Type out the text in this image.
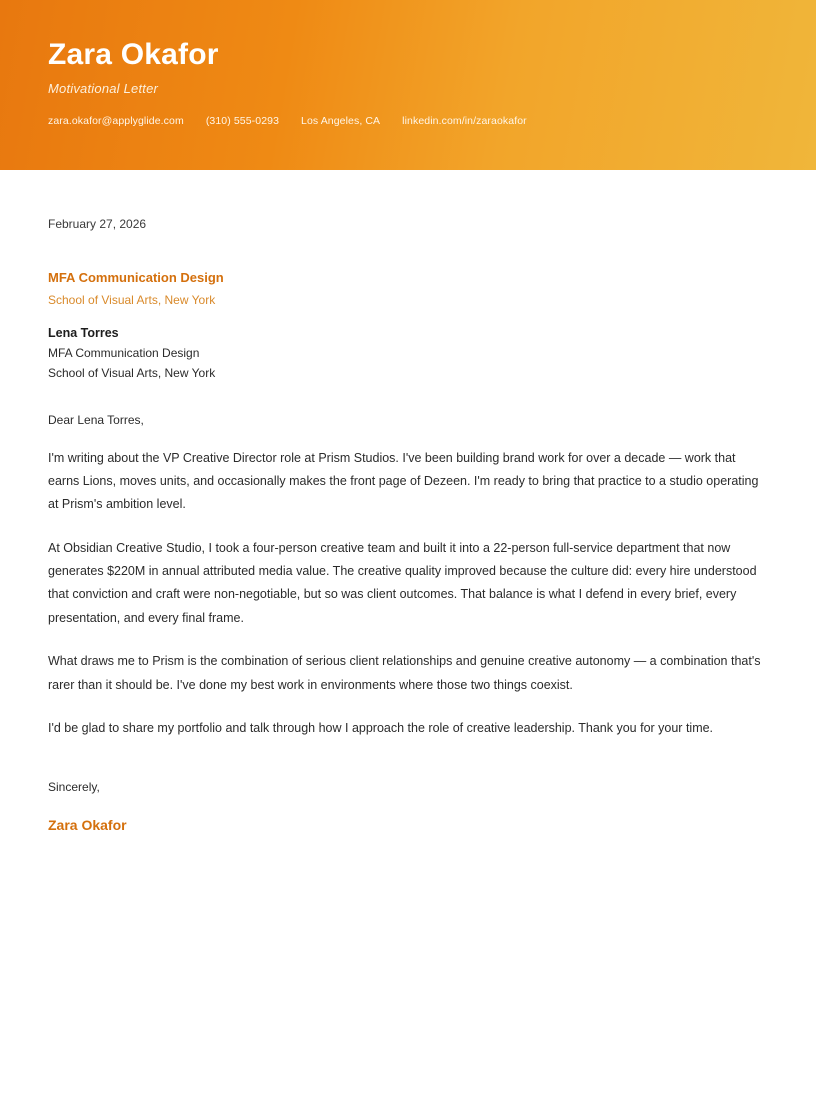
Zara Okafor
Motivational Letter
zara.okafor@applyglide.com (310) 555-0293 Los Angeles, CA linkedin.com/in/zaraokafor
February 27, 2026
MFA Communication Design
School of Visual Arts, New York
Lena Torres
MFA Communication Design
School of Visual Arts, New York
Dear Lena Torres,

I'm writing about the VP Creative Director role at Prism Studios. I've been building brand work for over a decade — work that earns Lions, moves units, and occasionally makes the front page of Dezeen. I'm ready to bring that practice to a studio operating at Prism's ambition level.

At Obsidian Creative Studio, I took a four-person creative team and built it into a 22-person full-service department that now generates $220M in annual attributed media value. The creative quality improved because the culture did: every hire understood that conviction and craft were non-negotiable, but so was client outcomes. That balance is what I defend in every brief, every presentation, and every final frame.

What draws me to Prism is the combination of serious client relationships and genuine creative autonomy — a combination that's rarer than it should be. I've done my best work in environments where those two things coexist.

I'd be glad to share my portfolio and talk through how I approach the role of creative leadership. Thank you for your time.

Sincerely,
Zara Okafor
